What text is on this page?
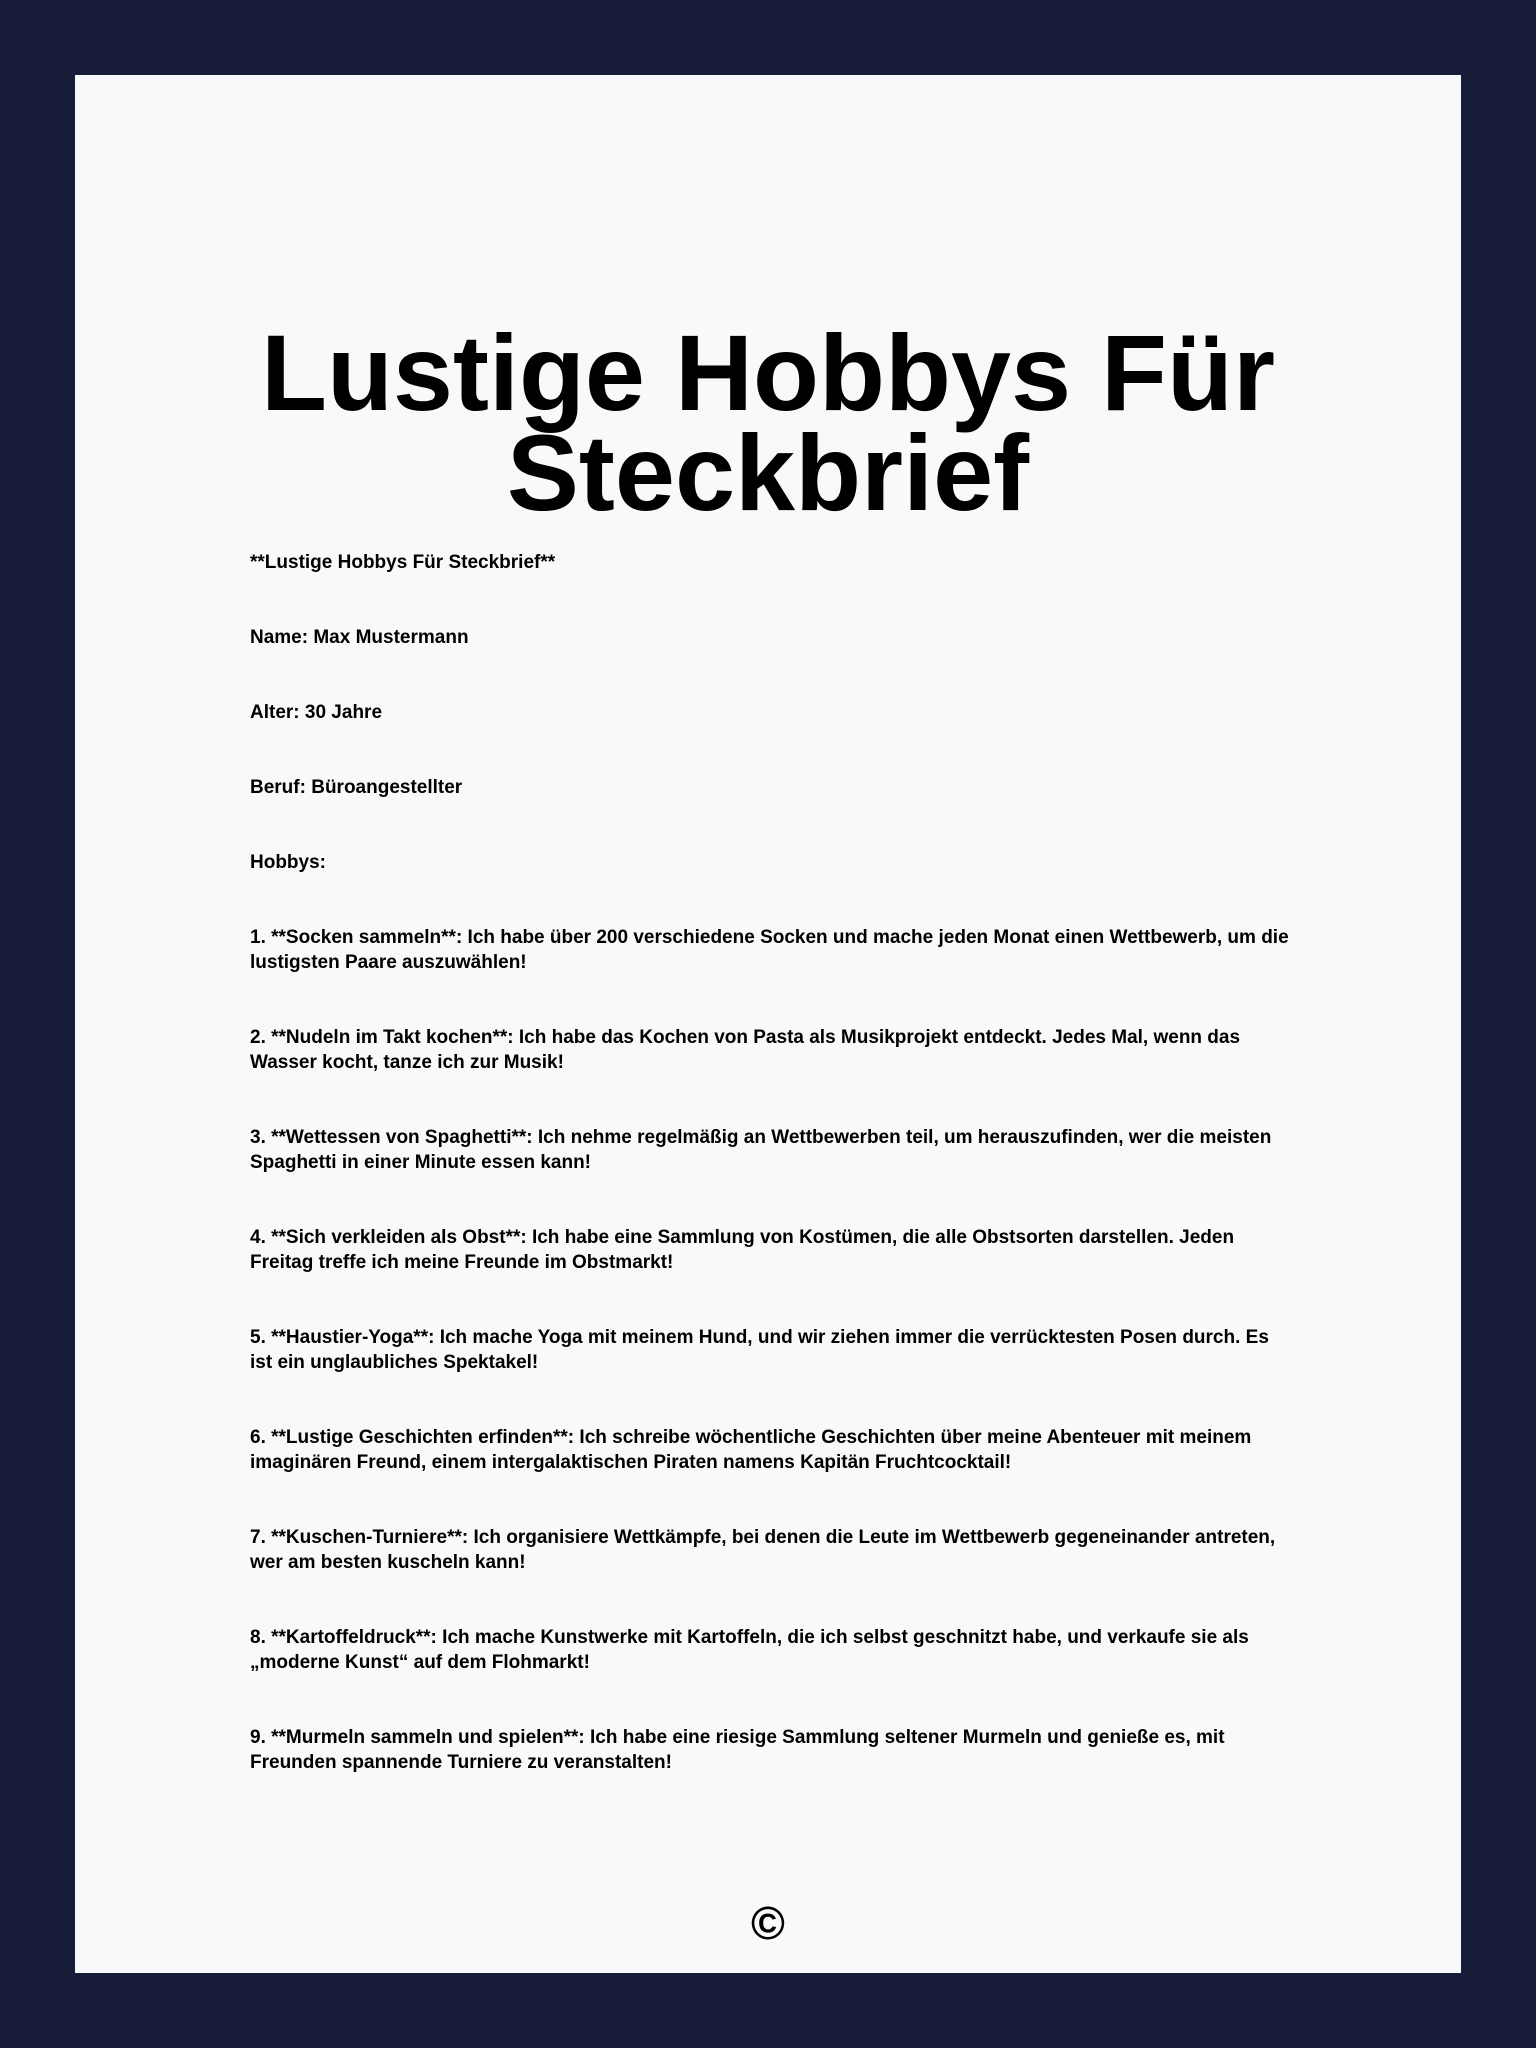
Lustige Hobbys Für Steckbrief

**Lustige Hobbys Für Steckbrief**

Name: Max Mustermann

Alter: 30 Jahre

Beruf: Büroangestellter

Hobbys:

1. **Socken sammeln**: Ich habe über 200 verschiedene Socken und mache jeden Monat einen Wettbewerb, um die lustigsten Paare auszuwählen!

2. **Nudeln im Takt kochen**: Ich habe das Kochen von Pasta als Musikprojekt entdeckt. Jedes Mal, wenn das Wasser kocht, tanze ich zur Musik!

3. **Wettessen von Spaghetti**: Ich nehme regelmäßig an Wettbewerben teil, um herauszufinden, wer die meisten Spaghetti in einer Minute essen kann!

4. **Sich verkleiden als Obst**: Ich habe eine Sammlung von Kostümen, die alle Obstsorten darstellen. Jeden Freitag treffe ich meine Freunde im Obstmarkt!

5. **Haustier-Yoga**: Ich mache Yoga mit meinem Hund, und wir ziehen immer die verrücktesten Posen durch. Es ist ein unglaubliches Spektakel!

6. **Lustige Geschichten erfinden**: Ich schreibe wöchentliche Geschichten über meine Abenteuer mit meinem imaginären Freund, einem intergalaktischen Piraten namens Kapitän Fruchtcocktail!

7. **Kuschen-Turniere**: Ich organisiere Wettkämpfe, bei denen die Leute im Wettbewerb gegeneinander antreten, wer am besten kuscheln kann!

8. **Kartoffeldruck**: Ich mache Kunstwerke mit Kartoffeln, die ich selbst geschnitzt habe, und verkaufe sie als „moderne Kunst“ auf dem Flohmarkt!

9. **Murmeln sammeln und spielen**: Ich habe eine riesige Sammlung seltener Murmeln und genieße es, mit Freunden spannende Turniere zu veranstalten!

©
